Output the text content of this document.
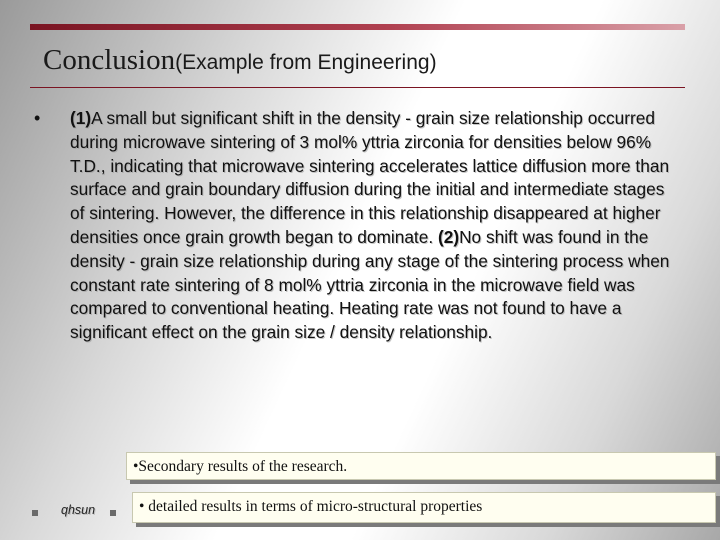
Conclusion(Example from Engineering)
• (1)A small but significant shift in the density - grain size relationship occurred during microwave sintering of 3 mol% yttria zirconia for densities below 96% T.D., indicating that microwave sintering accelerates lattice diffusion more than surface and grain boundary diffusion during the initial and intermediate stages of sintering. However, the difference in this relationship disappeared at higher densities once grain growth began to dominate. (2)No shift was found in the density - grain size relationship during any stage of the sintering process when constant rate sintering of 8 mol% yttria zirconia in the microwave field was compared to conventional heating. Heating rate was not found to have a significant effect on the grain size / density relationship.
•Secondary results of the research.
qhsun	• detailed results in terms of micro-structural properties
